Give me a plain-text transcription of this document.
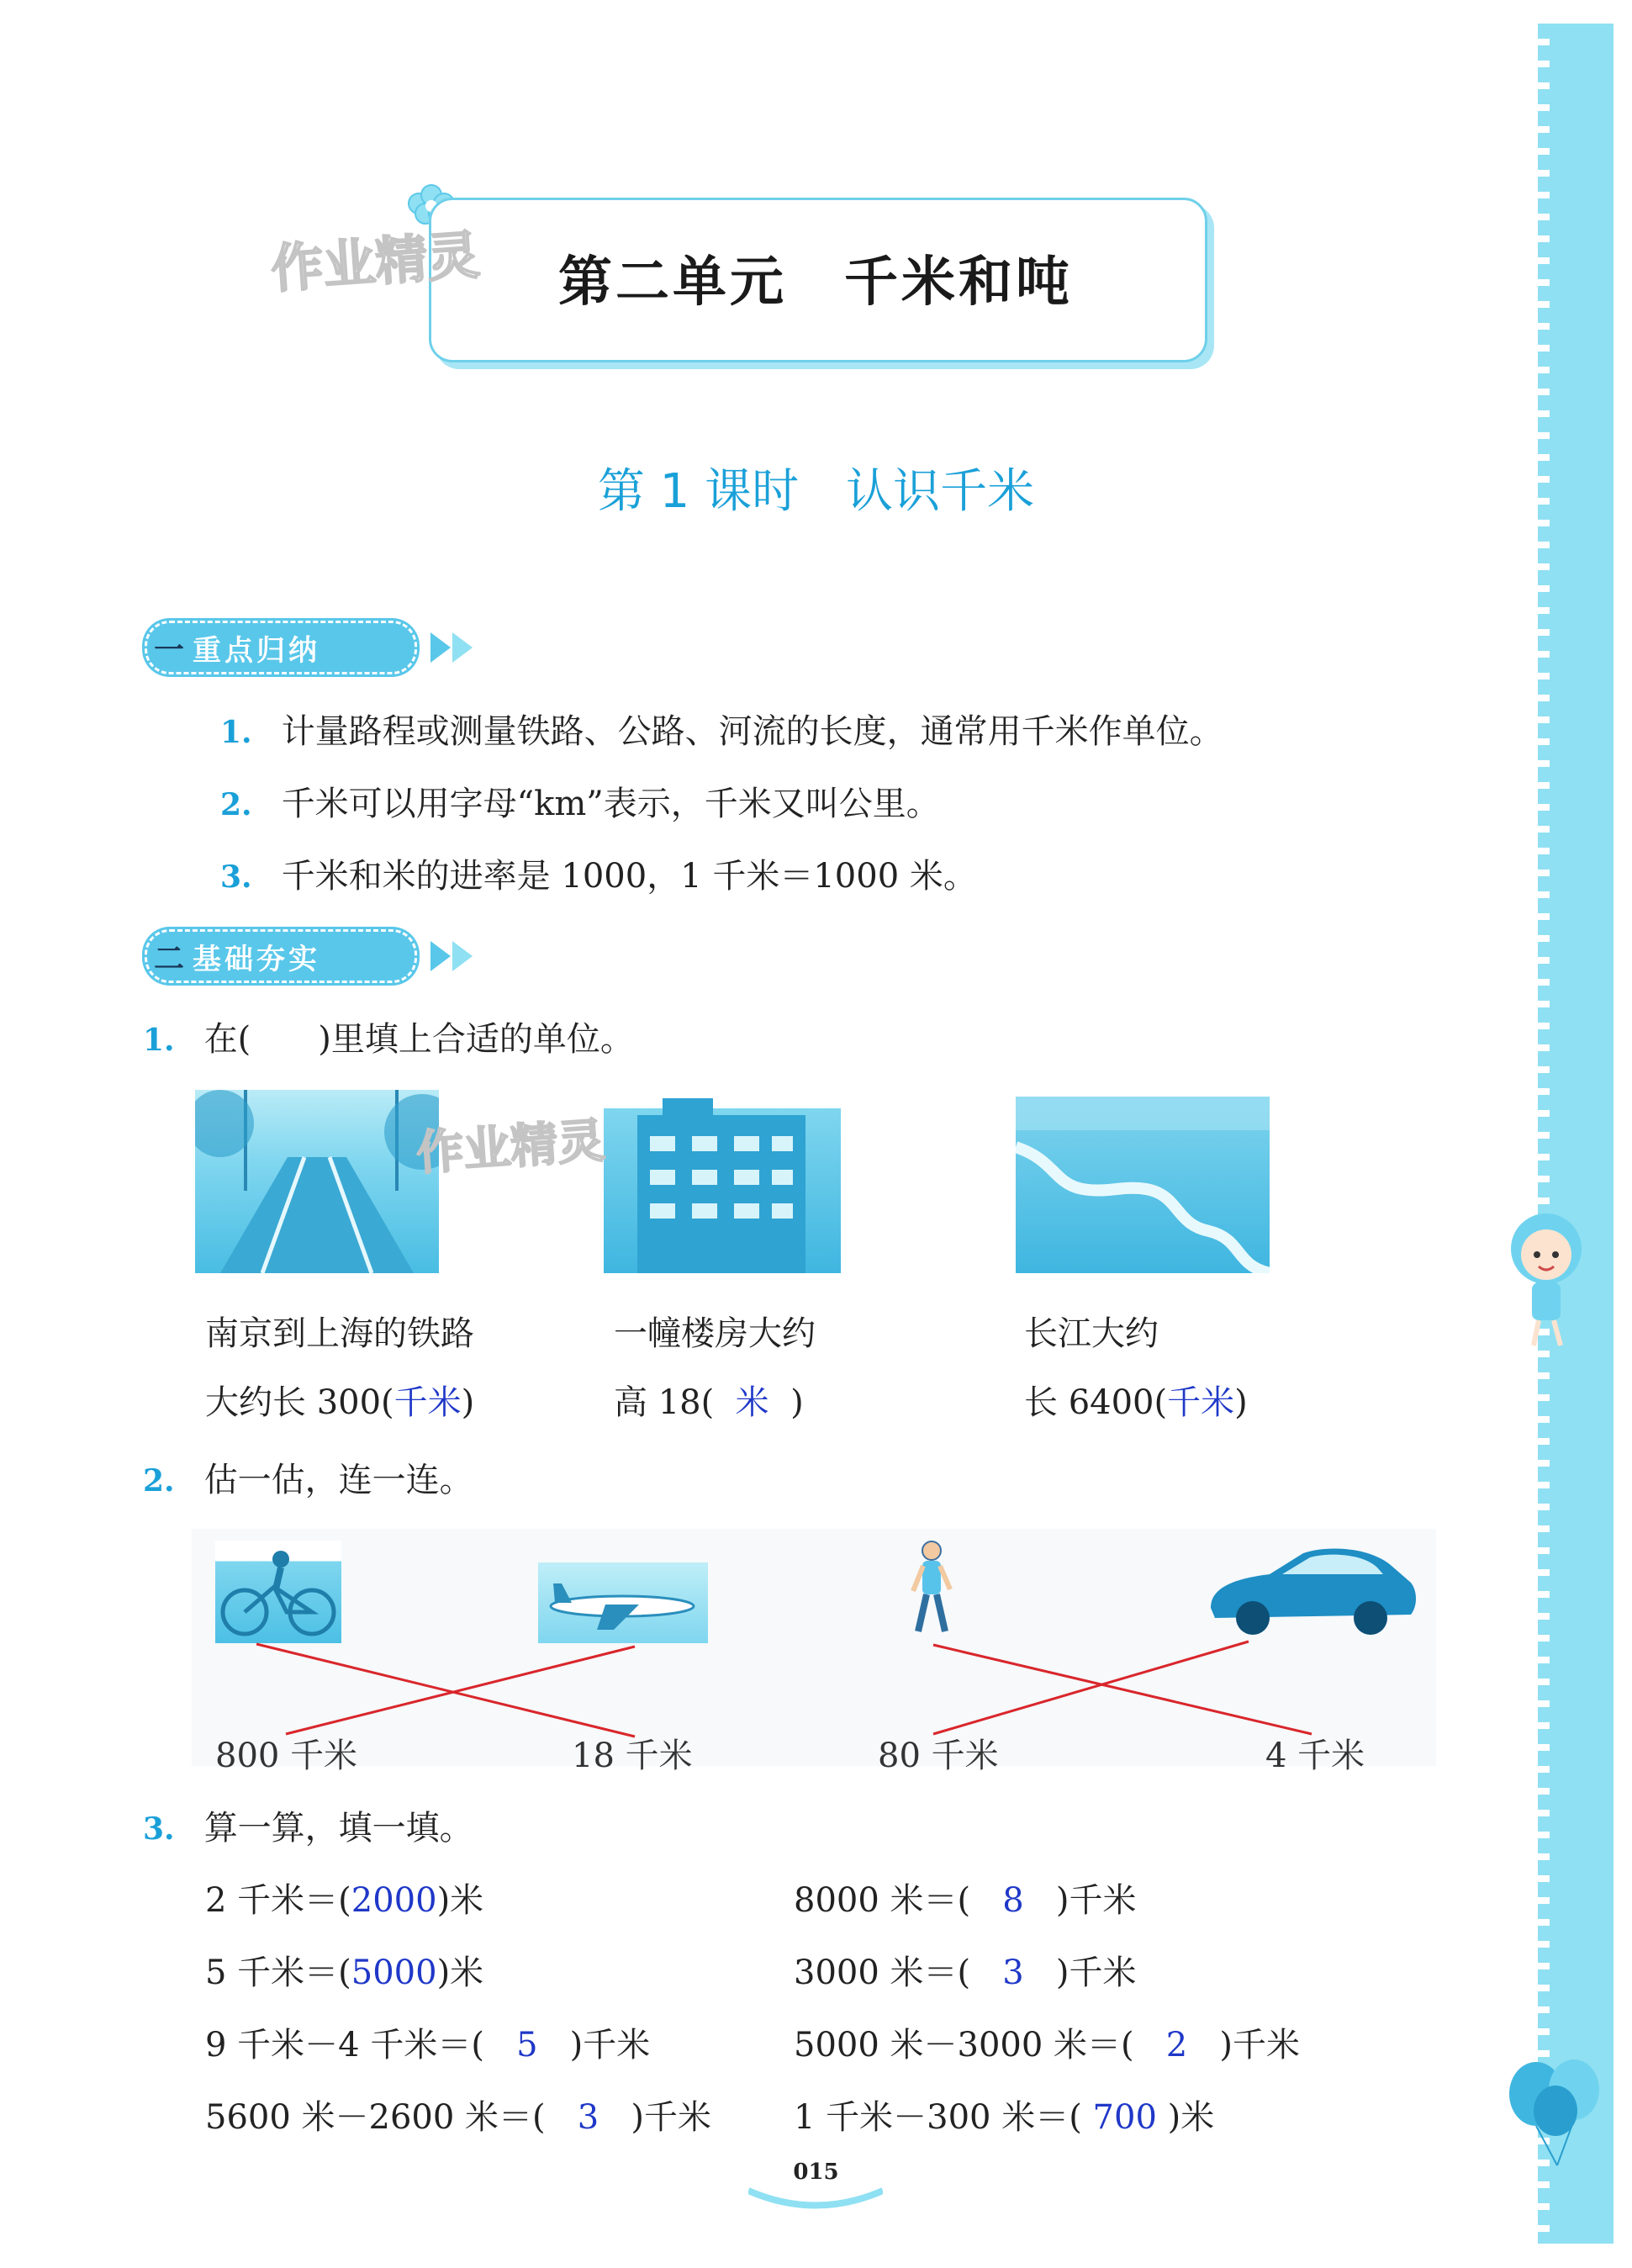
第二单元　千米和吨
作业精灵
第 1 课时　认识千米
一 重点归纳
1. 计量路程或测量铁路、公路、河流的长度，通常用千米作单位。
2. 千米可以用字母“km”表示，千米又叫公里。
3. 千米和米的进率是 1000，1 千米＝1000 米。
二 基础夯实
1. 在(　　)里填上合适的单位。
作业精灵
南京到上海的铁路
大约长 300(千米)
一幢楼房大约
高 18(  米  )
长江大约
长 6400(千米)
2. 估一估，连一连。
800 千米	18 千米	80 千米	4 千米
3. 算一算，填一填。
2 千米＝(2000)米	8000 米＝(   8   )千米
5 千米＝(5000)米	3000 米＝(   3   )千米
9 千米－4 千米＝(   5   )千米	5000 米－3000 米＝(   2   )千米
5600 米－2600 米＝(   3   )千米 1 千米－300 米＝( 700 )米
015
